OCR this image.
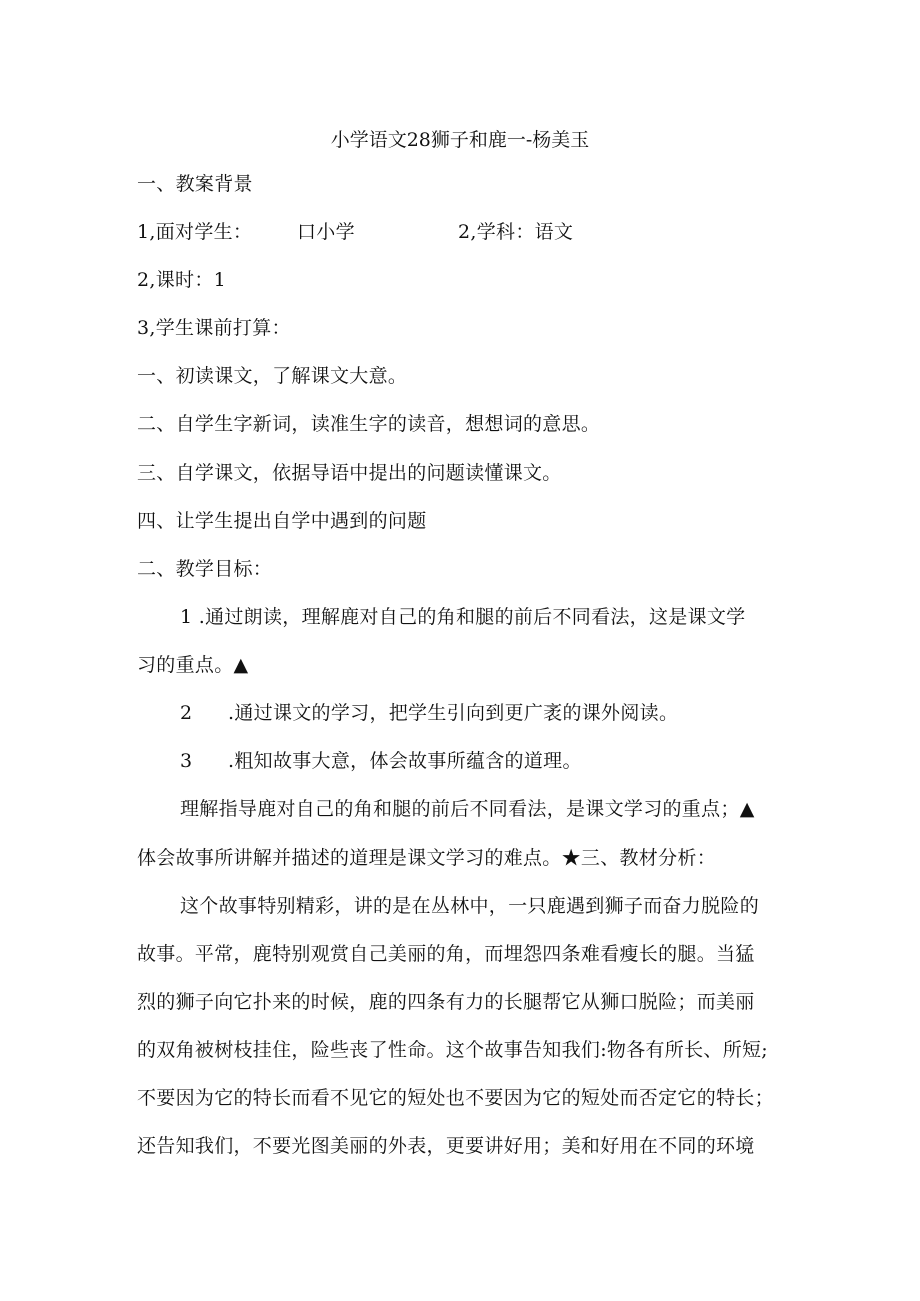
小学语文28狮子和鹿一-杨美玉
一、教案背景
1,面对学生： 口小学	2,学科：语文
2,课时：1
3,学生课前打算：
一、初读课文，了解课文大意。
二、自学生字新词，读准生字的读音，想想词的意思。
三、自学课文，依据导语中提出的问题读懂课文。
四、让学生提出自学中遇到的问题
二、教学目标：
1 .通过朗读，理解鹿对自己的角和腿的前后不同看法，这是课文学
习的重点。▲
2 .通过课文的学习，把学生引向到更广袤的课外阅读。
3 .粗知故事大意，体会故事所蕴含的道理。
理解指导鹿对自己的角和腿的前后不同看法，是课文学习的重点；▲
体会故事所讲解并描述的道理是课文学习的难点。★三、教材分析：
这个故事特别精彩，讲的是在丛林中，一只鹿遇到狮子而奋力脱险的
故事。平常，鹿特别观赏自己美丽的角，而埋怨四条难看瘦长的腿。当猛
烈的狮子向它扑来的时候，鹿的四条有力的长腿帮它从狮口脱险；而美丽
的双角被树枝挂住，险些丧了性命。这个故事告知我们:物各有所长、所短;
不要因为它的特长而看不见它的短处也不要因为它的短处而否定它的特长；
还告知我们，不要光图美丽的外表，更要讲好用；美和好用在不同的环境
